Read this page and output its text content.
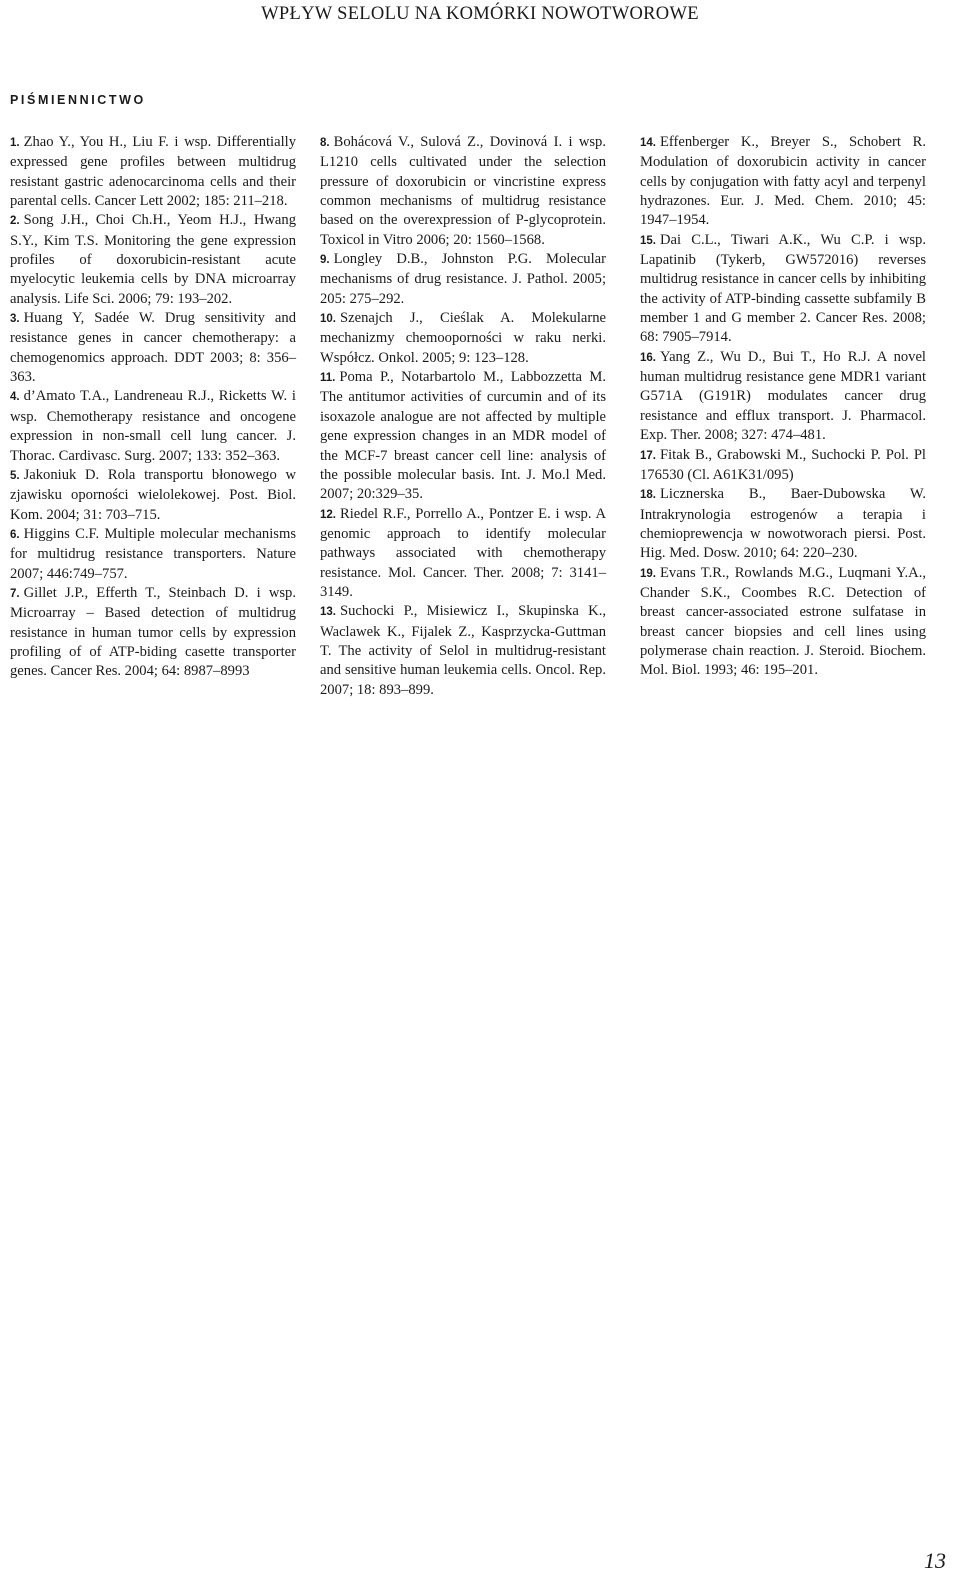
WPŁYW SELOLU NA KOMÓRKI NOWOTWOROWE
PIŚMIENNICTWO

1. Zhao Y., You H., Liu F. i wsp. Differentially expressed gene profiles between multidrug resistant gastric adenocarcinoma cells and their parental cells. Cancer Lett 2002; 185: 211–218.

2. Song J.H., Choi Ch.H., Yeom H.J., Hwang S.Y., Kim T.S. Monitoring the gene expression profiles of doxorubicin-resistant acute myelocytic leukemia cells by DNA microarray analysis. Life Sci. 2006; 79: 193–202.

3. Huang Y, Sadée W. Drug sensitivity and resistance genes in cancer chemotherapy: a chemogenomics approach. DDT 2003; 8: 356–363.

4. d’Amato T.A., Landreneau R.J., Ricketts W. i wsp. Chemotherapy resistance and oncogene expression in non-small cell lung cancer. J. Thorac. Cardivasc. Surg. 2007; 133: 352–363.

5. Jakoniuk D. Rola transportu błonowego w zjawisku oporności wielolekowej. Post. Biol. Kom. 2004; 31: 703–715.

6. Higgins C.F. Multiple molecular mechanisms for multidrug resistance transporters. Nature 2007; 446:749–757.

7. Gillet J.P., Efferth T., Steinbach D. i wsp. Microarray – Based detection of multidrug resistance in human tumor cells by expression profiling of of ATP-biding casette transporter genes. Cancer Res. 2004; 64: 8987–8993

8. Bohácová V., Sulová Z., Dovinová I. i wsp. L1210 cells cultivated under the selection pressure of doxorubicin or vincristine express common mechanisms of multidrug resistance based on the overexpression of P-glycoprotein. Toxicol in Vitro 2006; 20: 1560–1568.

9. Longley D.B., Johnston P.G. Molecular mechanisms of drug resistance. J. Pathol. 2005; 205: 275–292.

10. Szenajch J., Cieślak A. Molekularne mechanizmy chemooporności w raku nerki. Współcz. Onkol. 2005; 9: 123–128.

11. Poma P., Notarbartolo M., Labbozzetta M. The antitumor activities of curcumin and of its isoxazole analogue are not affected by multiple gene expression changes in an MDR model of the MCF-7 breast cancer cell line: analysis of the possible molecular basis. Int. J. Mo.l Med. 2007; 20:329–35.

12. Riedel R.F., Porrello A., Pontzer E. i wsp. A genomic approach to identify molecular pathways associated with chemotherapy resistance. Mol. Cancer. Ther. 2008; 7: 3141–3149.

13. Suchocki P., Misiewicz I., Skupinska K., Waclawek K., Fijalek Z., Kasprzycka-Guttman T. The activity of Selol in multidrug-resistant and sensitive human leukemia cells. Oncol. Rep. 2007; 18: 893–899.

14. Effenberger K., Breyer S., Schobert R. Modulation of doxorubicin activity in cancer cells by conjugation with fatty acyl and terpenyl hydrazones. Eur. J. Med. Chem. 2010; 45: 1947–1954.

15. Dai C.L., Tiwari A.K., Wu C.P. i wsp. Lapatinib (Tykerb, GW572016) reverses multidrug resistance in cancer cells by inhibiting the activity of ATP-binding cassette subfamily B member 1 and G member 2. Cancer Res. 2008; 68: 7905–7914.

16. Yang Z., Wu D., Bui T., Ho R.J. A novel human multidrug resistance gene MDR1 variant G571A (G191R) modulates cancer drug resistance and efflux transport. J. Pharmacol. Exp. Ther. 2008; 327: 474–481.

17. Fitak B., Grabowski M., Suchocki P. Pol. Pl 176530 (Cl. A61K31/095)

18. Licznerska B., Baer-Dubowska W. Intrakrynologia estrogenów a terapia i chemioprewencja w nowotworach piersi. Post. Hig. Med. Dosw. 2010; 64: 220–230.

19. Evans T.R., Rowlands M.G., Luqmani Y.A., Chander S.K., Coombes R.C. Detection of breast cancer-associated estrone sulfatase in breast cancer biopsies and cell lines using polymerase chain reaction. J. Steroid. Biochem. Mol. Biol. 1993; 46: 195–201.

13
